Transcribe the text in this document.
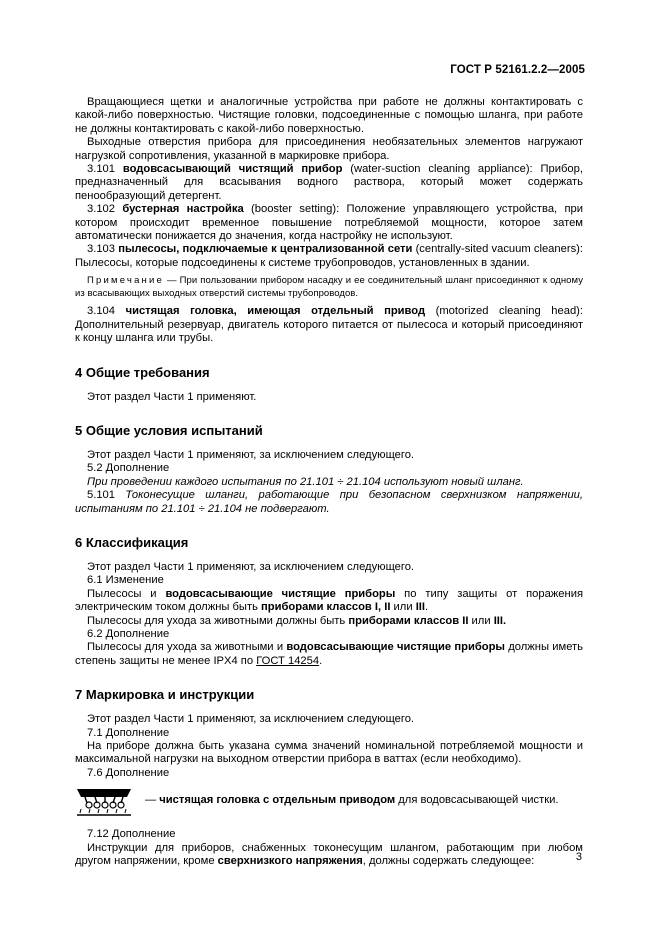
ГОСТ Р 52161.2.2—2005

Вращающиеся щетки и аналогичные устройства при работе не должны контактировать с какой-либо поверхностью. Чистящие головки, подсоединенные с помощью шланга, при работе не должны контактировать с какой-либо поверхностью.

Выходные отверстия прибора для присоединения необязательных элементов нагружают нагрузкой сопротивления, указанной в маркировке прибора.

3.101 водовсасывающий чистящий прибор (water-suction cleaning appliance): Прибор, предназначенный для всасывания водного раствора, который может содержать пенообразующий детергент.

3.102 бустерная настройка (booster setting): Положение управляющего устройства, при котором происходит временное повышение потребляемой мощности, которое затем автоматически понижается до значения, когда настройку не используют.

3.103 пылесосы, подключаемые к централизованной сети (centrally-sited vacuum cleaners): Пылесосы, которые подсоединены к системе трубопроводов, установленных в здании.

Примечание — При пользовании прибором насадку и ее соединительный шланг присоединяют к одному из всасывающих выходных отверстий системы трубопроводов.

3.104 чистящая головка, имеющая отдельный привод (motorized cleaning head): Дополнительный резервуар, двигатель которого питается от пылесоса и который присоединяют к концу шланга или трубы.

4 Общие требования

Этот раздел Части 1 применяют.

5 Общие условия испытаний

Этот раздел Части 1 применяют, за исключением следующего.

5.2 Дополнение

При проведении каждого испытания по 21.101 ÷ 21.104 используют новый шланг.

5.101 Токонесущие шланги, работающие при безопасном сверхнизком напряжении, испытаниям по 21.101 ÷ 21.104 не подвергают.

6 Классификация

Этот раздел Части 1 применяют, за исключением следующего.

6.1 Изменение

Пылесосы и водовсасывающие чистящие приборы по типу защиты от поражения электрическим током должны быть приборами классов I, II или III.

Пылесосы для ухода за животными должны быть приборами классов II или III.

6.2 Дополнение

Пылесосы для ухода за животными и водовсасывающие чистящие приборы должны иметь степень защиты не менее IPX4 по ГОСТ 14254.

7 Маркировка и инструкции

Этот раздел Части 1 применяют, за исключением следующего.

7.1 Дополнение

На приборе должна быть указана сумма значений номинальной потребляемой мощности и максимальной нагрузки на выходном отверстии прибора в ваттах (если необходимо).

7.6 Дополнение

— чистящая головка с отдельным приводом для водовсасывающей чистки.

7.12 Дополнение

Инструкции для приборов, снабженных токонесущим шлангом, работающим при любом другом напряжении, кроме сверхнизкого напряжения, должны содержать следующее:	3
